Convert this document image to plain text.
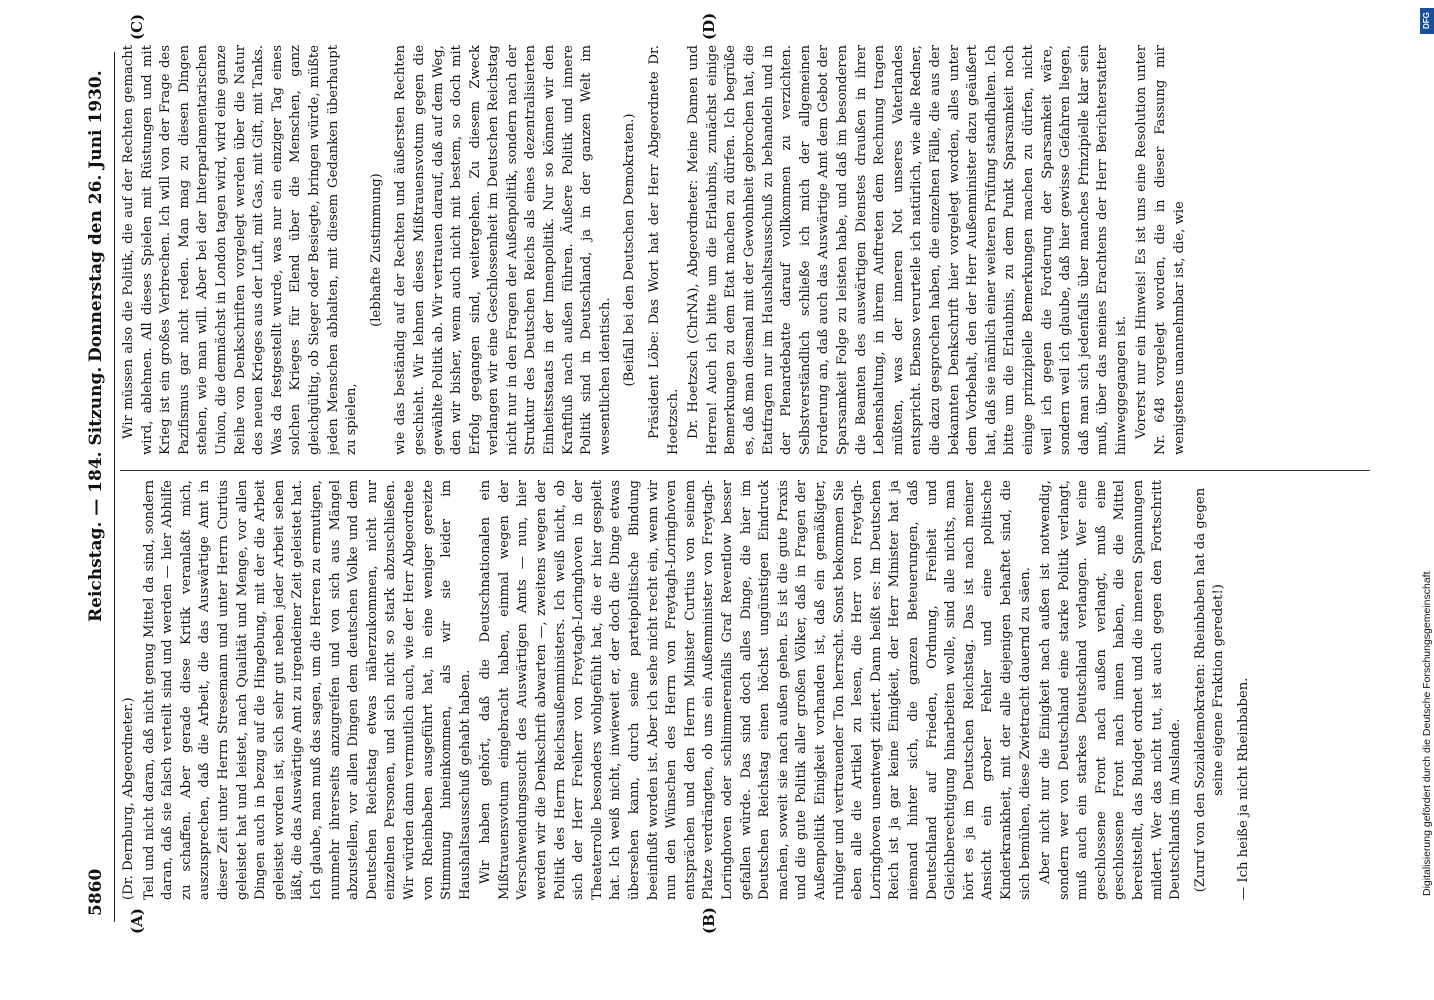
5860
Reichstag. — 184. Sitzung.
Donnerstag den 26. Juni 1930.
(A)	(B)
(C)	(D)

(Dr. Dernburg, Abgeordneter.) Teil und nicht daran, daß nicht genug Mittel da sind, sondern daran, daß sie falsch verteilt sind und werden — hier Abhilfe zu schaffen. Aber gerade diese Kritik veranlaßt mich, auszusprechen, daß die Arbeit, die das Auswärtige Amt in dieser Zeit unter Herrn Stresemann und unter Herrn Curtius geleistet hat und leistet, nach Qualität und Menge, vor allen Dingen auch in bezug auf die Hingebung, mit der die Arbeit geleistet worden ist, sich sehr gut neben jeder Arbeit sehen läßt, die das Auswärtige Amt zu irgendeiner Zeit geleistet hat. Ich glaube, man muß das sagen, um die Herren zu ermutigen, nunmehr ihrerseits anzugreifen und von sich aus Mängel abzustellen, vor allen Dingen dem deutschen Volke und dem Deutschen Reichstag etwas näherzukommen, nicht nur einzelnen Personen, und sich nicht so stark abzuschließen. Wir würden dann vermutlich auch, wie der Herr Abgeordnete von Rheinbaben ausgeführt hat, in eine weniger gereizte Stimmung hineinkommen, als wir sie leider im Haushaltsausschuß gehabt haben. Wir haben gehört, daß die Deutschnationalen ein Mißtrauensvotum eingebracht haben, einmal wegen der Verschwendungssucht des Auswärtigen Amts — nun, hier werden wir die Denkschrift abwarten —, zweitens wegen der Politik des Herrn Reichsaußenministers. Ich weiß nicht, ob sich der Herr Freiherr von Freytagh-Loringhoven in der Theaterrolle besonders wohlgefühlt hat, die er hier gespielt hat. Ich weiß nicht, inwieweit er, der doch die Dinge etwas übersehen kann, durch seine parteipolitische Bindung beeinflußt worden ist. Aber ich sehe nicht recht ein, wenn wir nun den Wünschen des Herrn von Freytagh-Loringhoven entsprächen und den Herrn Minister Curtius von seinem Platze verdrängten, ob uns ein Außenminister von Freytagh-Loringhoven oder schlimmerenfalls Graf Reventlow besser gefallen würde. Das sind doch alles Dinge, die hier im Deutschen Reichstag einen höchst ungünstigen Eindruck machen, soweit sie nach außen gehen. Es ist die gute Praxis und die gute Politik aller großen Völker, daß in Fragen der Außenpolitik Einigkeit vorhanden ist, daß ein gemäßigter, ruhiger und vertrauender Ton herrscht. Sonst bekommen Sie eben alle die Artikel zu lesen, die Herr von Freytagh-Loringhoven unentwegt zitiert. Dann heißt es: Im Deutschen Reich ist ja gar keine Einigkeit, der Herr Minister hat ja niemand hinter sich, die ganzen Beteuerungen, daß Deutschland auf Frieden, Ordnung, Freiheit und Gleichberechtigung hinarbeiten wolle, sind alle nichts, man hört es ja im Deutschen Reichstag. Das ist nach meiner Ansicht ein grober Fehler und eine politische Kinderkrankheit, mit der alle diejenigen behaftet sind, die sich bemühen, diese Zwietracht dauernd zu säen. Aber nicht nur die Einigkeit nach außen ist notwendig, sondern wer von Deutschland eine starke Politik verlangt, muß auch ein starkes Deutschland verlangen. Wer eine geschlossene Front nach außen verlangt, muß eine geschlossene Front nach innen haben, die die Mittel bereitstellt, das Budget ordnet und die inneren Spannungen mildert. Wer das nicht tut, ist auch gegen den Fortschritt Deutschlands im Auslande. (Zuruf von den Sozialdemokraten: Rheinbaben hat da gegen seine eigene Fraktion geredet!) — Ich heiße ja nicht Rheinbaben.

Wir müssen also die Politik, die auf der Rechten gemacht wird, ablehnen. All dieses Spielen mit Rüstungen und mit Krieg ist ein großes Verbrechen. Ich will von der Frage des Pazifismus gar nicht reden. Man mag zu diesen Dingen stehen, wie man will. Aber bei der Interparlamentarischen Union, die demnächst in London tagen wird, wird eine ganze Reihe von Denkschriften vorgelegt werden über die Natur des neuen Krieges aus der Luft, mit Gas, mit Gift, mit Tanks. Was da festgestellt wurde, was nur ein einziger Tag eines solchen Krieges für Elend über die Menschen, ganz gleichgültig, ob Sieger oder Besiegte, bringen würde, müßte jeden Menschen abhalten, mit diesem Gedanken überhaupt zu spielen,

(lebhafte Zustimmung) wie das beständig auf der Rechten und äußersten Rechten geschieht. Wir lehnen dieses Mißtrauensvotum gegen die gewählte Politik ab. Wir vertrauen darauf, daß auf dem Weg, den wir bisher, wenn auch nicht mit bestem, so doch mit Erfolg gegangen sind, weitergehen. Zu diesem Zweck verlangen wir eine Geschlossenheit im Deutschen Reichstag nicht nur in den Fragen der Außenpolitik, sondern nach der Struktur des Deutschen Reichs als eines dezentralisierten Einheitsstaats in der Innenpolitik. Nur so können wir den Kraftfluß nach außen führen. Äußere Politik und innere Politik sind in Deutschland, ja in der ganzen Welt im wesentlichen identisch. (Beifall bei den Deutschen Demokraten.) Präsident Löbe: Das Wort hat der Herr Abgeordnete Dr. Hoetzsch. Dr. Hoetzsch (ChrNA), Abgeordneter: Meine Damen und Herren! Auch ich bitte um die Erlaubnis, zunächst einige Bemerkungen zu dem Etat machen zu dürfen. Ich begrüße es, daß man diesmal mit der Gewohnheit gebrochen hat, die Etatfragen nur im Haushaltsausschuß zu behandeln und in der Plenardebatte darauf vollkommen zu verzichten. Selbstverständlich schließe ich mich der allgemeinen Forderung an, daß auch das Auswärtige Amt dem Gebot der Sparsamkeit Folge zu leisten habe, und daß im besonderen die Beamten des auswärtigen Dienstes draußen in ihrer Lebenshaltung, in ihrem Auftreten dem Rechnung tragen müßten, was der inneren Not unseres Vaterlandes entspricht. Ebenso verurteile ich natürlich, wie alle Redner, die dazu gesprochen haben, die einzelnen Fälle, die aus der bekannten Denkschrift hier vorgelegt worden, alles unter dem Vorbehalt, den der Herr Außenminister dazu geäußert hat, daß sie nämlich einer weiteren Prüfung standhalten. Ich bitte um die Erlaubnis, zu dem Punkt Sparsamkeit noch einige prinzipielle Bemerkungen machen zu dürfen, nicht weil ich gegen die Forderung der Sparsamkeit wäre, sondern weil ich glaube, daß hier gewisse Gefahren liegen, daß man sich jedenfalls über manches Prinzipielle klar sein muß, über das meines Erachtens der Herr Berichterstatter hinweggegangen ist. Vorerst nur ein Hinweis! Es ist uns eine Resolution unter Nr. 648 vorgelegt worden, die in dieser Fassung mir wenigstens unannehmbar ist, die, wie

DFG
Digitalisierung gefördert durch die Deutsche Forschungsgemeinschaft
